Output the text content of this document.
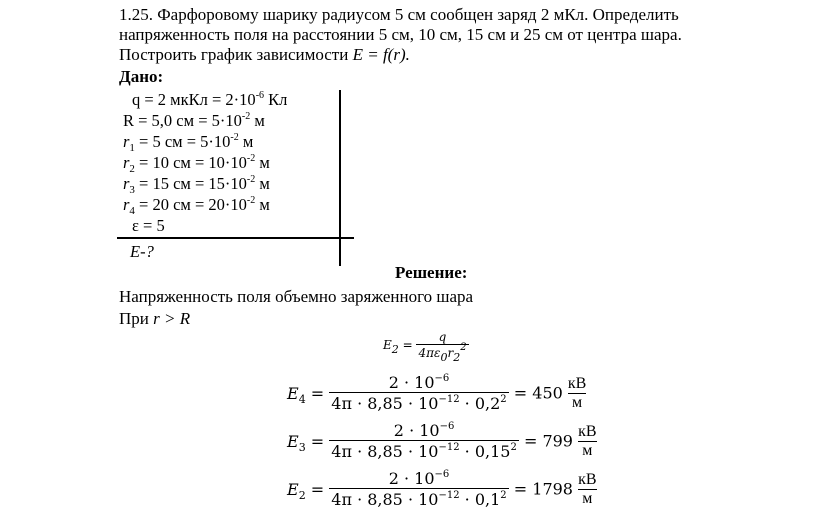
1.25. Фарфоровому шарику радиусом 5 см сообщен заряд 2 мКл. Определить
напряженность поля на расстоянии 5 см, 10 см, 15 см и 25 см от центра шара.
Построить график зависимости E = f(r).
Дано:
q = 2 мкКл = $2\cdot 10^{-6}$ Кл
R = 5,0 см = $5\cdot 10^{-2}$ м
$r_1 = 5$ см = $5\cdot 10^{-2}$ м
$r_2 = 10$ см = $10\cdot 10^{-2}$ м
$r_3 = 15$ см = $15\cdot 10^{-2}$ м
$r_4 = 20$ см = $20\cdot 10^{-2}$ м
ε = 5
E-?
Решение:
Напряженность поля объемно заряженного шара
При r > R
$E_2 = \frac{q}{4\pi\varepsilon_0r_2^2}$
$E_4 = \frac{2 \cdot 10^{-6}}{4\pi \cdot 8,85 \cdot 10^{-12} \cdot 0,2^2} = 450 \frac{кВ}{м}$
$E_3 = \frac{2 \cdot 10^{-6}}{4\pi \cdot 8,85 \cdot 10^{-12} \cdot 0,15^2} = 799 \frac{кВ}{м}$
$E_2 = \frac{2 \cdot 10^{-6}}{4\pi \cdot 8,85 \cdot 10^{-12} \cdot 0,1^2} = 1798 \frac{кВ}{м}$
